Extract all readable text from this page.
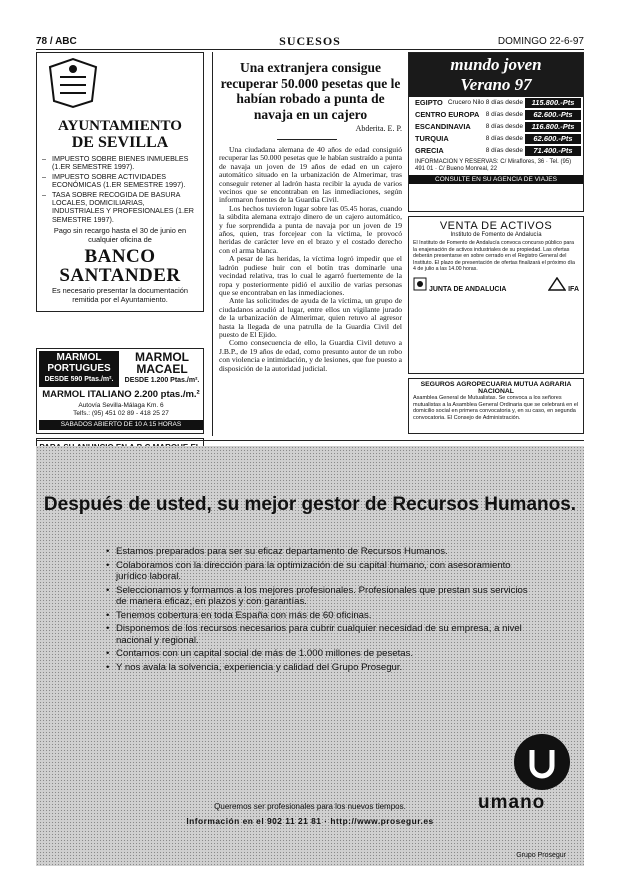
78 / ABC	SUCESOS	DOMINGO 22-6-97
AYUNTAMIENTO
DE SEVILLA
– IMPUESTO SOBRE BIENES INMUEBLES (1.ER SEMESTRE 1997).
– IMPUESTO SOBRE ACTIVIDADES ECONÓMICAS (1.ER SEMESTRE 1997).
– TASA SOBRE RECOGIDA DE BASURA LOCALES, DOMICILIARIAS, INDUSTRIALES Y PROFESIONALES (1.ER SEMESTRE 1997).
Pago sin recargo hasta el 30 de junio en cualquier oficina de
BANCO SANTANDER
Es necesario presentar la documentación remitida por el Ayuntamiento.
MARMOL PORTUGUES
DESDE 590 Ptas./m².
MARMOL MACAEL
DESDE 1.200 Ptas./m².
MARMOL ITALIANO 2.200 ptas./m.²
Autovía Sevilla-Málaga Km. 6
Telfs.: (95) 451 02 89 - 418 25 27
SABADOS ABIERTO DE 10 A 15 HORAS
Una extranjera consigue recuperar 50.000 pesetas que le habían robado a punta de navaja en un cajero
Abderita. E. P.

Una ciudadana alemana de 40 años de edad consiguió recuperar las 50.000 pesetas que le habían sustraído a punta de navaja un joven de 19 años de edad en un cajero automático situado en la urbanización de Almerimar, tras conseguir retener al ladrón hasta recibir la ayuda de varios vecinos que se encontraban en las inmediaciones, según informaron fuentes de la Guardia Civil.

Los hechos tuvieron lugar sobre las 05.45 horas, cuando la súbdita alemana extrajo dinero de un cajero automático, y fue sorprendida a punta de navaja por un joven de 19 años, quien, tras forcejear con la víctima, le provocó heridas de carácter leve en el brazo y el costado derecho con el arma blanca.

A pesar de las heridas, la víctima logró impedir que el ladrón pudiese huir con el botín tras dominarle una vecindad relativa, tras lo cual le agarró fuertemente de la ropa y posteriormente pidió el auxilio de varias personas que se encontraban en las inmediaciones.

Ante las solicitudes de ayuda de la víctima, un grupo de ciudadanos acudió al lugar, entre ellos un vigilante jurado de la urbanización de Almerimar, quien retuvo al agresor hasta la llegada de una patrulla de la Guardia Civil del puesto de El Ejido.

Como consecuencia de ello, la Guardia Civil detuvo a J.B.P., de 19 años de edad, como presunto autor de un robo con violencia e intimidación, y de lesiones, que fue puesto a disposición de la autoridad judicial.

mundo joven
Verano 97
EGIPTO Crucero Nilo 8 días desde	115.800.-Pts
CENTRO EUROPA 8 días desde	62.600.-Pts
ESCANDINAVIA 8 días desde	116.800.-Pts
TURQUIA	8 días desde	62.600.-Pts
GRECIA	8 días desde	71.400.-Pts
INFORMACION Y RESERVAS: C/ Miraflores, 36 · Tel. (95) 491 01 · C/ Bueno Monreal, 22
CONSULTE EN SU AGENCIA DE VIAJES
VENTA DE ACTIVOS
Instituto de Fomento de Andalucía

El Instituto de Fomento de Andalucía convoca concurso público para la enajenación de activos industriales de su propiedad. Las ofertas deberán presentarse en sobre cerrado en el Registro General del Instituto. El plazo de presentación de ofertas finalizará el próximo día 4 de julio a las 14.00 horas.

JUNTA DE ANDALUCIA	IFA
SEGUROS AGROPECUARIA MUTUA AGRARIA NACIONAL
Asamblea General de Mutualistas. Se convoca a los señores mutualistas a la Asamblea General Ordinaria que se celebrará en el domicilio social en primera convocatoria y, en su caso, en segunda convocatoria. El Consejo de Administración.
Después de usted, su mejor gestor de Recursos Humanos.
• Estamos preparados para ser su eficaz departamento de Recursos Humanos.
• Colaboramos con la dirección para la optimización de su capital humano, con asesoramiento jurídico laboral.
• Seleccionamos y formamos a los mejores profesionales. Profesionales que prestan sus servicios de manera eficaz, en plazos y con garantías.
• Tenemos cobertura en toda España con más de 60 oficinas.
• Disponemos de los recursos necesarios para cubrir cualquier necesidad de su empresa, a nivel nacional y regional.
• Contamos con un capital social de más de 1.000 millones de pesetas.
• Y nos avala la solvencia, experiencia y calidad del Grupo Prosegur.
umano
Queremos ser profesionales para los nuevos tiempos.
Información en el 902 11 21 81 · http://www.prosegur.es
Grupo Prosegur
